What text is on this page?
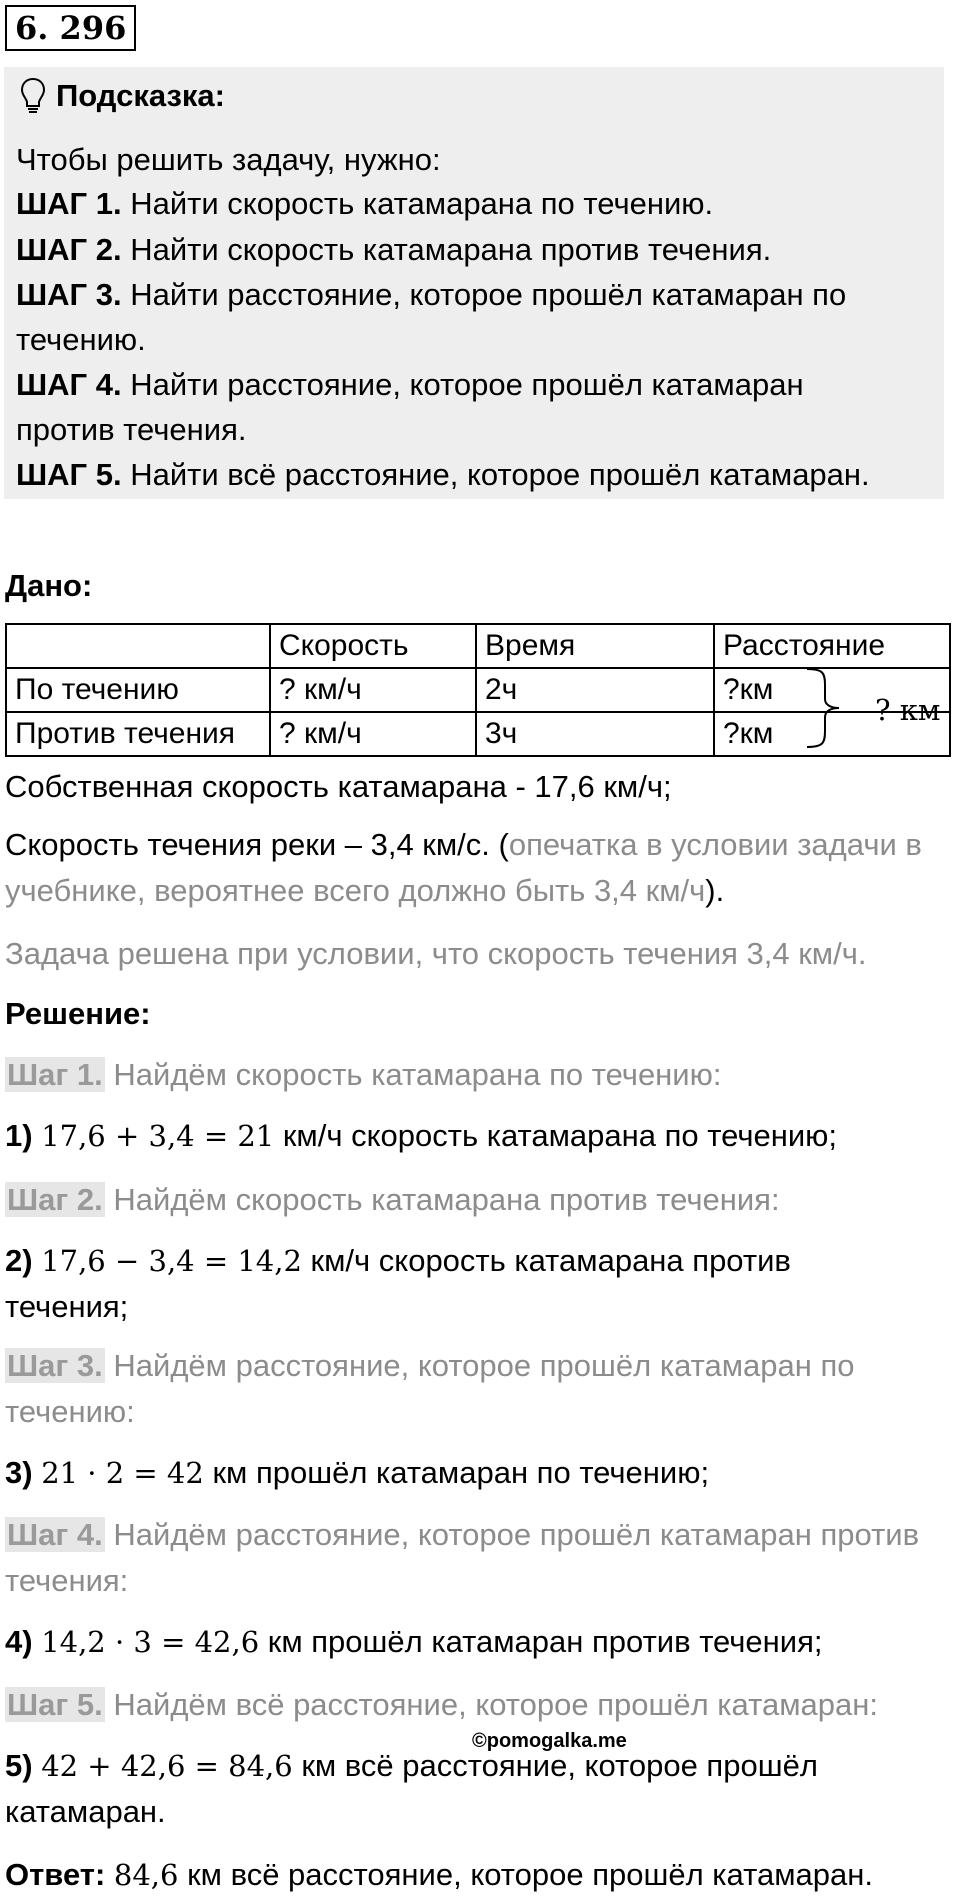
6. 296
Подсказка:
Чтобы решить задачу, нужно:
ШАГ 1. Найти скорость катамарана по течению.
ШАГ 2. Найти скорость катамарана против течения.
ШАГ 3. Найти расстояние, которое прошёл катамаран по
течению.
ШАГ 4. Найти расстояние, которое прошёл катамаран
против течения.
ШАГ 5. Найти всё расстояние, которое прошёл катамаран.
Дано:
	Скорость	Время	Расстояние
По течению	? км/ч	2ч	?км
Против течения	? км/ч	3ч	?км
? км
Собственная скорость катамарана - 17,6 км/ч;
Скорость течения реки – 3,4 км/с. (опечатка в условии задачи в
учебнике, вероятнее всего должно быть 3,4 км/ч).
Задача решена при условии, что скорость течения 3,4 км/ч.
Решение:
Шаг 1. Найдём скорость катамарана по течению:
1) 17,6 + 3,4 = 21 км/ч скорость катамарана по течению;
Шаг 2. Найдём скорость катамарана против течения:
2) 17,6 − 3,4 = 14,2 км/ч скорость катамарана против
течения;
Шаг 3. Найдём расстояние, которое прошёл катамаран по
течению:
3) 21 · 2 = 42 км прошёл катамаран по течению;
Шаг 4. Найдём расстояние, которое прошёл катамаран против
течения:
4) 14,2 · 3 = 42,6 км прошёл катамаран против течения;
Шаг 5. Найдём всё расстояние, которое прошёл катамаран:
©pomogalka.me
5) 42 + 42,6 = 84,6 км всё расстояние, которое прошёл
катамаран.
Ответ: 84,6 км всё расстояние, которое прошёл катамаран.
